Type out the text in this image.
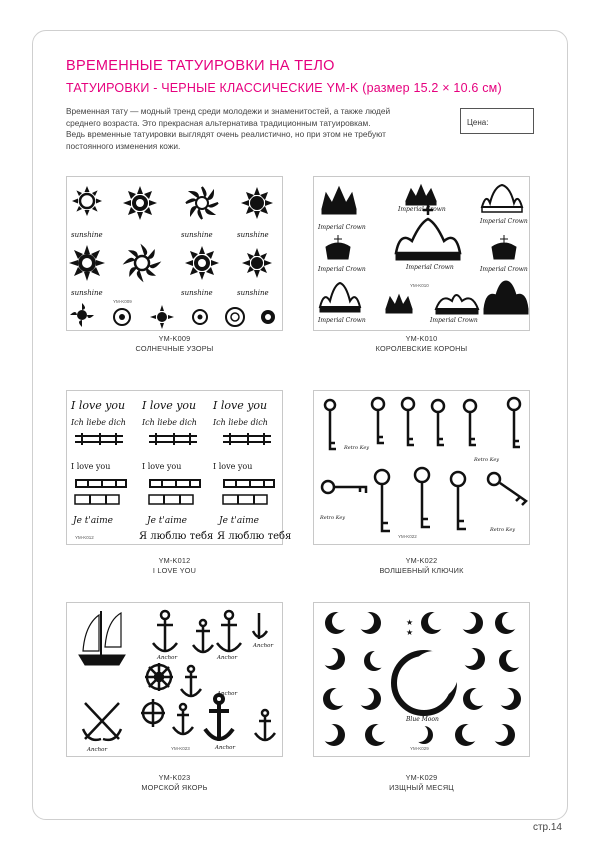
ВРЕМЕННЫЕ ТАТУИРОВКИ НА ТЕЛО
ТАТУИРОВКИ - ЧЕРНЫЕ КЛАССИЧЕСКИЕ YM-K (размер 15.2 × 10.6 см)
Временная тату — модный тренд среди молодежи и знаменитостей, а также людей
среднего возраста. Это прекрасная альтернатива традиционным татуировкам.
Ведь временные татуировки выглядят очень реалистично, но при этом не требуют
постоянного изменения кожи.
Цена:
sunshine	sunshine	sunshine
sunshine	sunshine	sunshine
YM-K009
YM-K009
СОЛНЕЧНЫЕ УЗОРЫ
Imperial Crown
Imperial Crown
Imperial Crown
Imperial Crown	Imperial Crown	Imperial Crown
Imperial Crown	Imperial Crown
YM-K010
YM-K010
КОРОЛЕВСКИЕ КОРОНЫ
I love you I love you I love you
Ich liebe dich Ich liebe dich Ich liebe dich
I love you	I love you	I love you
Je t'aime	Je t'aime	Je t'aime
Я люблю тебя Я люблю тебя
YM-K012
YM-K012
I LOVE YOU
Retro Key
Retro Key
Retro Key
Retro Key
YM-K022
YM-K022
ВОЛШЕБНЫЙ КЛЮЧИК
Anchor	Anchor
Anchor
Anchor
Anchor	Anchor
YM-K023
YM-K023
МОРСКОЙ ЯКОРЬ
★
★
Blue Moon
YM-K029
YM-K029
ИЗЩНЫЙ МЕСЯЦ
стр.14
